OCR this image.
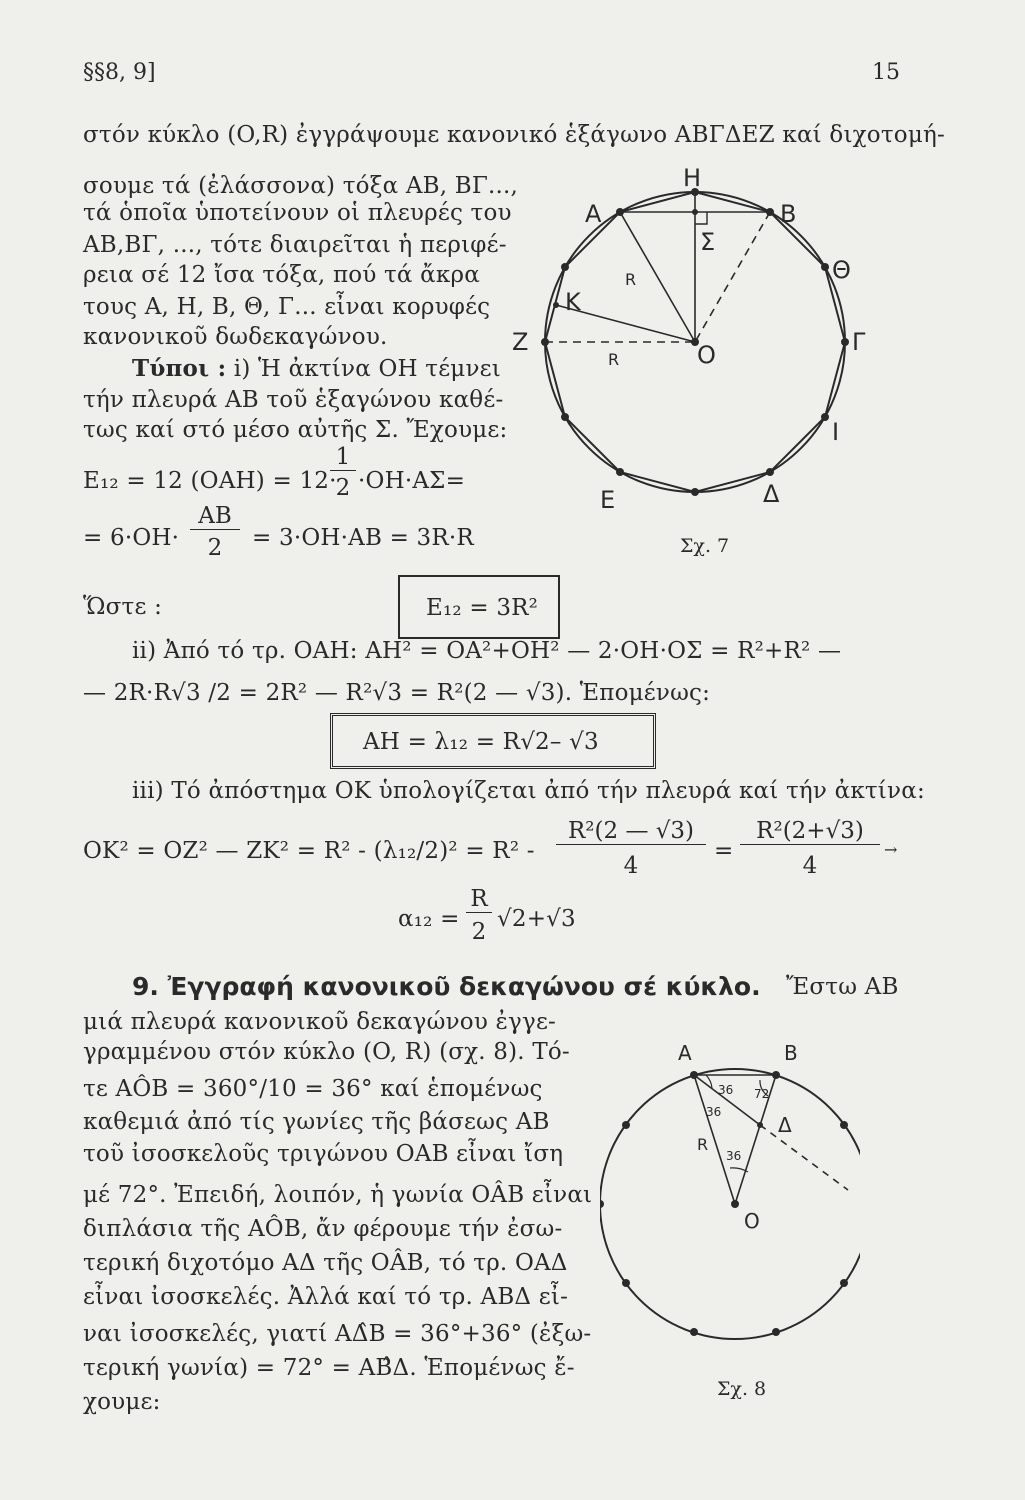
§§8, 9]	15
στόν κύκλο (O,R) ἐγγράψουμε κανονικό ἑξάγωνο ΑΒΓΔΕΖ καί διχοτομή-
σουμε τά (ἐλάσσονα) τόξα ΑΒ, ΒΓ...,
τά ὁποῖα ὑποτείνουν οἱ πλευρές του
ΑΒ,ΒΓ, ..., τότε διαιρεῖται ἡ περιφέ-
ρεια σέ 12 ἴσα τόξα, πού τά ἄκρα
τους Α, Η, Β, Θ, Γ... εἶναι κορυφές
κανονικοῦ δωδεκαγώνου.
Τύποι : i) Ἡ ἀκτίνα ΟΗ τέμνει
τήν πλευρά ΑΒ τοῦ ἑξαγώνου καθέ-
τως καί στό μέσο αὐτῆς Σ. Ἔχουμε:
E₁₂ = 12 (ΟΑΗ) = 12·
1
2 ·ΟΗ·ΑΣ=
= 6·ΟΗ·
ΑΒ
2	= 3·ΟΗ·ΑΒ = 3R·R
Ὥστε :	E₁₂ = 3R²
ii) Ἀπό τό τρ. ΟΑΗ: ΑΗ² = ΟΑ²+ΟΗ² — 2·ΟΗ·ΟΣ = R²+R² —
— 2R·R√3 /2 = 2R² — R²√3 = R²(2 — √3). Ἑπομένως:
ΑΗ = λ₁₂ = R√2– √3
iii) Τό ἀπόστημα ΟΚ ὑπολογίζεται ἀπό τήν πλευρά καί τήν ἀκτίνα:
ΟΚ² = ΟΖ² — ΖΚ² = R² - (λ₁₂/2)² = R² -
R²(2 — √3)
4
=
R²(2+√3)
4
→
α₁₂ =
R
2 √2+√3
9. Ἐγγραφή κανονικοῦ δεκαγώνου σέ κύκλο. Ἔστω ΑΒ
μιά πλευρά κανονικοῦ δεκαγώνου ἐγγε-
γραμμένου στόν κύκλο (O, R) (σχ. 8). Τό-
τε ΑÔΒ = 360°/10 = 36° καί ἑπομένως
καθεμιά ἀπό τίς γωνίες τῆς βάσεως ΑΒ
τοῦ ἰσοσκελοῦς τριγώνου ΟΑΒ εἶναι ἴση
μέ 72°. Ἐπειδή, λοιπόν, ἡ γωνία ΟÂΒ εἶναι
διπλάσια τῆς ΑÔΒ, ἄν φέρουμε τήν ἐσω-
τερική διχοτόμο ΑΔ τῆς ΟÂΒ, τό τρ. ΟΑΔ
εἶναι ἰσοσκελές. Ἀλλά καί τό τρ. ΑΒΔ εἶ-
ναι ἰσοσκελές, γιατί ΑΔ̂Β = 36°+36° (ἐξω-
τερική γωνία) = 72° = ΑΒ̂Δ. Ἑπομένως ἔ-
χουμε:
Α
Η
Β
Σ
Θ
R
Κ
Ζ
R	Ο	Γ
Ι
Ε	Δ
Σχ. 7
Α	Β
36 72
36
Δ
R
36
Ο
Σχ. 8
